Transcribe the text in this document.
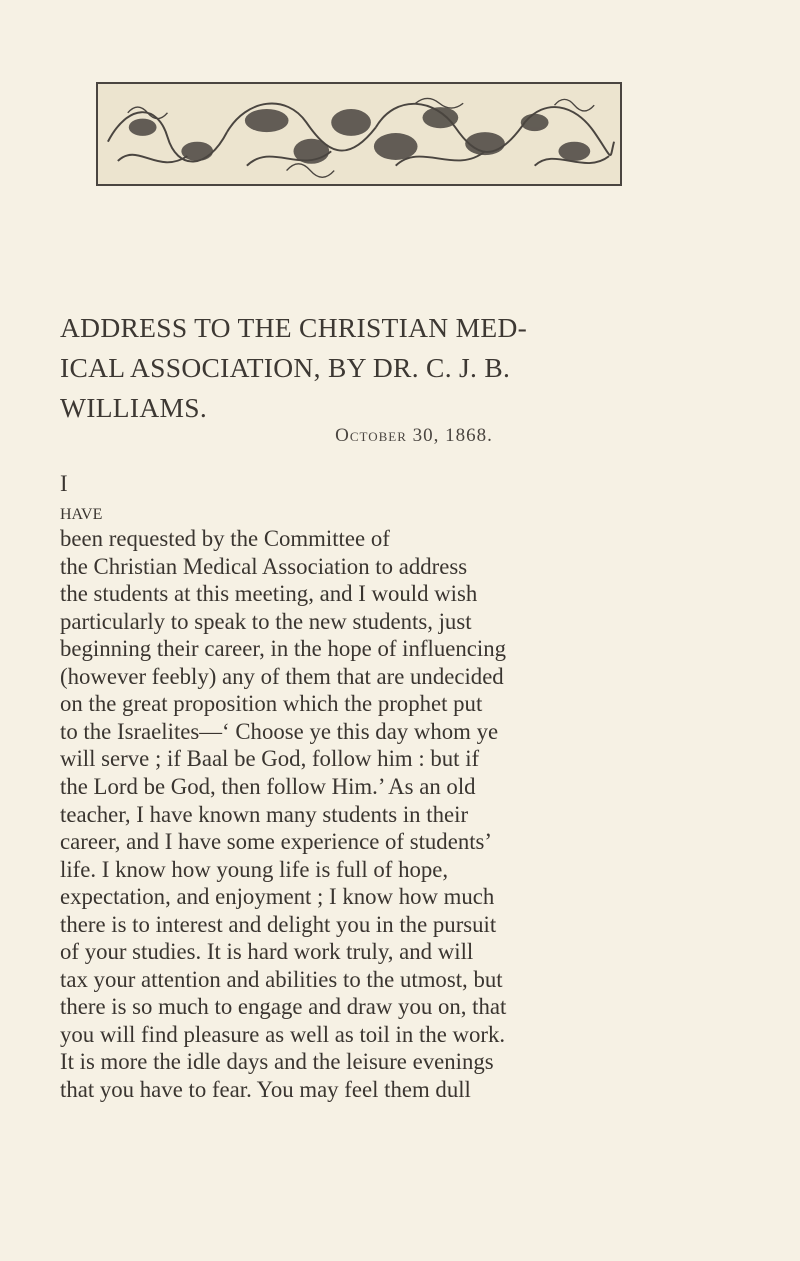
ADDRESS TO THE CHRISTIAN MED-
ICAL ASSOCIATION, BY DR. C. J. B.
WILLIAMS.
October 30, 1868.
I
have
been requested by the Committee of
the Christian Medical Association to address
the students at this meeting, and I would wish
particularly to speak to the new students, just
beginning their career, in the hope of influencing
(however feebly) any of them that are undecided
on the great proposition which the prophet put
to the Israelites—‘ Choose ye this day whom ye
will serve ; if Baal be God, follow him : but if
the Lord be God, then follow Him.’ As an old
teacher, I have known many students in their
career, and I have some experience of students’
life. I know how young life is full of hope,
expectation, and enjoyment ; I know how much
there is to interest and delight you in the pursuit
of your studies. It is hard work truly, and will
tax your attention and abilities to the utmost, but
there is so much to engage and draw you on, that
you will find pleasure as well as toil in the work.
It is more the idle days and the leisure evenings
that you have to fear. You may feel them dull
